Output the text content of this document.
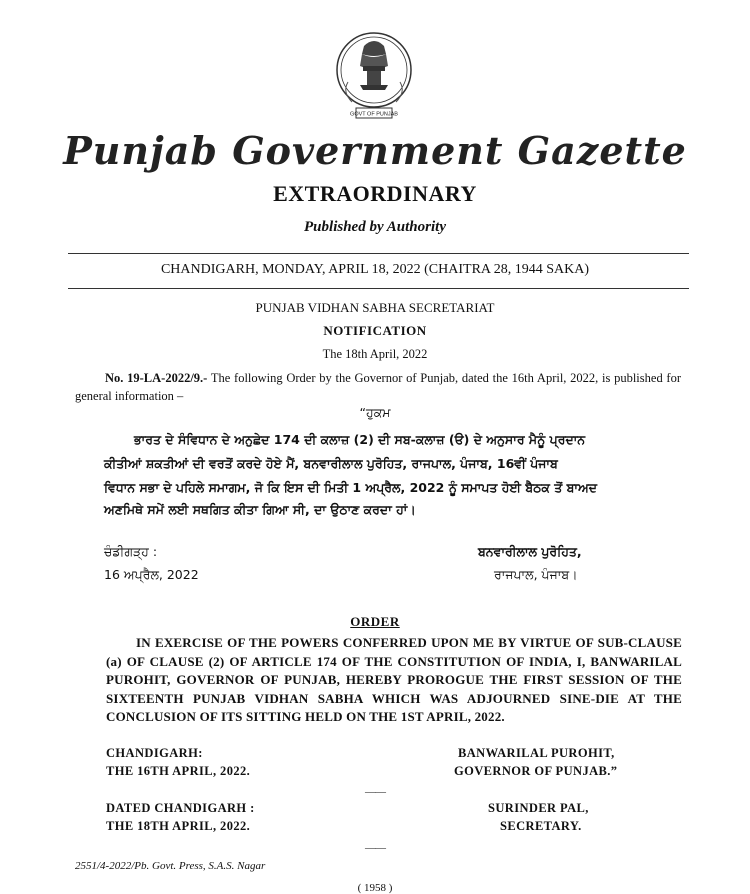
GOVT OF PUNJAB
Punjab Government Gazette
EXTRAORDINARY
Published by Authority
CHANDIGARH, MONDAY, APRIL 18, 2022 (CHAITRA 28, 1944 SAKA)
PUNJAB VIDHAN SABHA SECRETARIAT
NOTIFICATION
The 18th April, 2022
No. 19-LA-2022/9.- The following Order by the Governor of Punjab, dated the 16th April, 2022, is published for general information –
“ਹੁਕਮ
ਭਾਰਤ ਦੇ ਸੰਵਿਧਾਨ ਦੇ ਅਨੁਛੇਦ 174 ਦੀ ਕਲਾਜ਼ (2) ਦੀ ਸਬ-ਕਲਾਜ਼ (ੳ) ਦੇ ਅਨੁਸਾਰ ਮੈਨੂੰ ਪ੍ਰਦਾਨ
ਕੀਤੀਆਂ ਸ਼ਕਤੀਆਂ ਦੀ ਵਰਤੋਂ ਕਰਦੇ ਹੋਏ ਮੈਂ, ਬਨਵਾਰੀਲਾਲ ਪੁਰੋਹਿਤ, ਰਾਜਪਾਲ, ਪੰਜਾਬ, 16ਵੀਂ ਪੰਜਾਬ
ਵਿਧਾਨ ਸਭਾ ਦੇ ਪਹਿਲੇ ਸਮਾਗਮ, ਜੋ ਕਿ ਇਸ ਦੀ ਮਿਤੀ 1 ਅਪ੍ਰੈਲ, 2022 ਨੂੰ ਸਮਾਪਤ ਹੋਈ ਬੈਠਕ ਤੋਂ ਬਾਅਦ
ਅਣਮਿਥੇ ਸਮੇਂ ਲਈ ਸਥਗਿਤ ਕੀਤਾ ਗਿਆ ਸੀ, ਦਾ ਉਠਾਣ ਕਰਦਾ ਹਾਂ।
ਚੰਡੀਗੜ੍ਹ :
16 ਅਪ੍ਰੈਲ, 2022
ਬਨਵਾਰੀਲਾਲ ਪੁਰੋਹਿਤ,
ਰਾਜਪਾਲ, ਪੰਜਾਬ।
ORDER
IN EXERCISE OF THE POWERS CONFERRED UPON ME BY VIRTUE OF SUB-CLAUSE (a) OF CLAUSE (2) OF ARTICLE 174 OF THE CONSTITUTION OF INDIA, I, BANWARILAL PUROHIT, GOVERNOR OF PUNJAB, HEREBY PROROGUE THE FIRST SESSION OF THE SIXTEENTH PUNJAB VIDHAN SABHA WHICH WAS ADJOURNED SINE-DIE AT THE CONCLUSION OF ITS SITTING HELD ON THE 1ST APRIL, 2022.
CHANDIGARH:
THE 16TH APRIL, 2022.
BANWARILAL PUROHIT,
GOVERNOR OF PUNJAB.”
——
DATED CHANDIGARH :
THE 18TH APRIL, 2022.
SURINDER PAL,
SECRETARY.
——
2551/4-2022/Pb. Govt. Press, S.A.S. Nagar
( 1958 )
